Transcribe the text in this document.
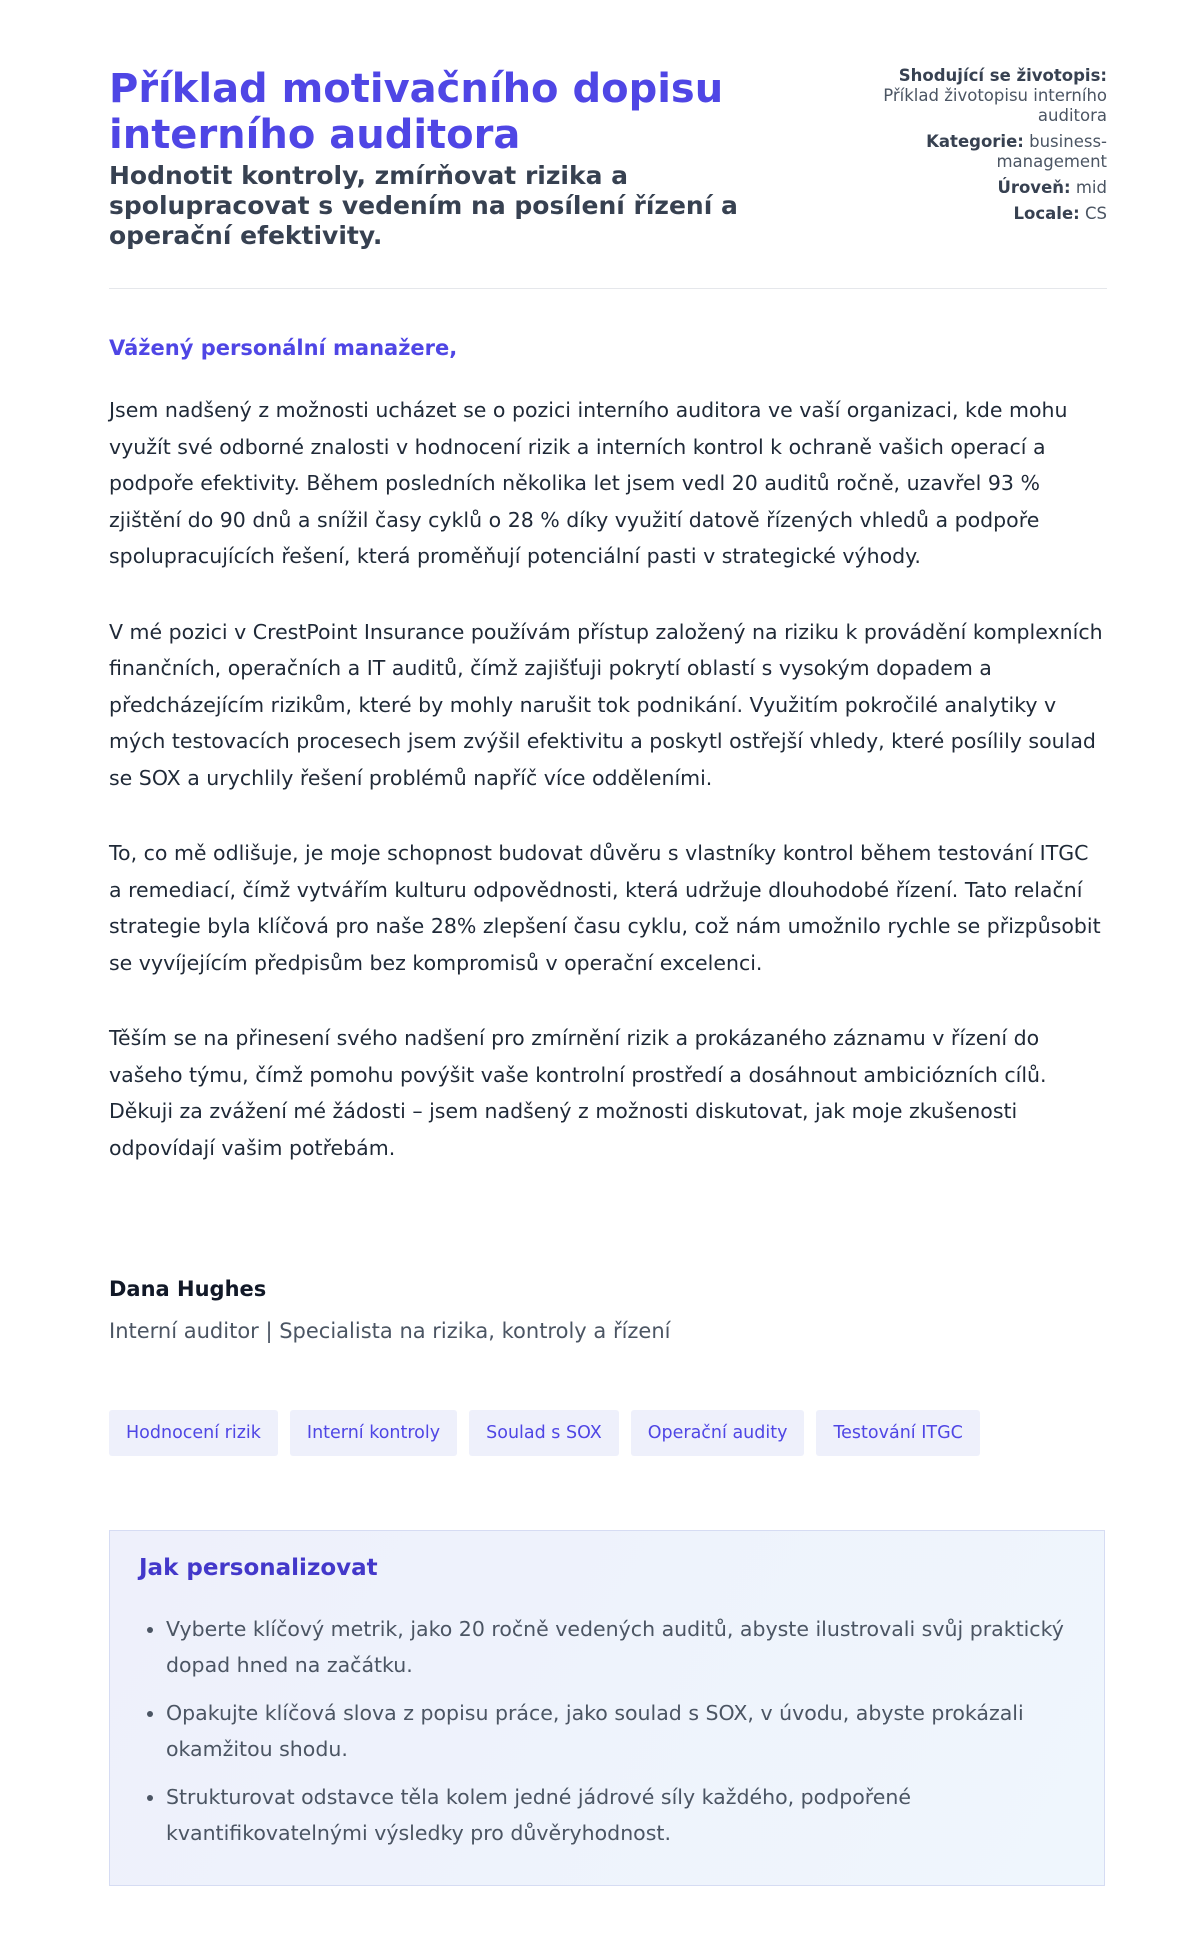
Příklad motivačního dopisu interního auditora
Hodnotit kontroly, zmírňovat rizika a spolupracovat s vedením na posílení řízení a operační efektivity.
Shodující se životopis:
Příklad životopisu interního auditora
Kategorie: business-management
Úroveň: mid
Locale: CS

Vážený personální manažere,

Jsem nadšený z možnosti ucházet se o pozici interního auditora ve vaší organizaci, kde mohu využít své odborné znalosti v hodnocení rizik a interních kontrol k ochraně vašich operací a podpoře efektivity. Během posledních několika let jsem vedl 20 auditů ročně, uzavřel 93 % zjištění do 90 dnů a snížil časy cyklů o 28 % díky využití datově řízených vhledů a podpoře spolupracujících řešení, která proměňují potenciální pasti v strategické výhody.

V mé pozici v CrestPoint Insurance používám přístup založený na riziku k provádění komplexních finančních, operačních a IT auditů, čímž zajišťuji pokrytí oblastí s vysokým dopadem a předcházejícím rizikům, které by mohly narušit tok podnikání. Využitím pokročilé analytiky v mých testovacích procesech jsem zvýšil efektivitu a poskytl ostřejší vhledy, které posílily soulad se SOX a urychlily řešení problémů napříč více odděleními.

To, co mě odlišuje, je moje schopnost budovat důvěru s vlastníky kontrol během testování ITGC a remediací, čímž vytvářím kulturu odpovědnosti, která udržuje dlouhodobé řízení. Tato relační strategie byla klíčová pro naše 28% zlepšení času cyklu, což nám umožnilo rychle se přizpůsobit se vyvíjejícím předpisům bez kompromisů v operační excelenci.

Těším se na přinesení svého nadšení pro zmírnění rizik a prokázaného záznamu v řízení do vašeho týmu, čímž pomohu povýšit vaše kontrolní prostředí a dosáhnout ambiciózních cílů. Děkuji za zvážení mé žádosti – jsem nadšený z možnosti diskutovat, jak moje zkušenosti odpovídají vašim potřebám.

Dana Hughes
Interní auditor | Specialista na rizika, kontroly a řízení
Hodnocení rizik	Interní kontroly	Soulad s SOX	Operační audity	Testování ITGC
Jak personalizovat
• Vyberte klíčový metrik, jako 20 ročně vedených auditů, abyste ilustrovali svůj praktický dopad hned na začátku.
• Opakujte klíčová slova z popisu práce, jako soulad s SOX, v úvodu, abyste prokázali okamžitou shodu.
• Strukturovat odstavce těla kolem jedné jádrové síly každého, podpořené kvantifikovatelnými výsledky pro důvěryhodnost.
